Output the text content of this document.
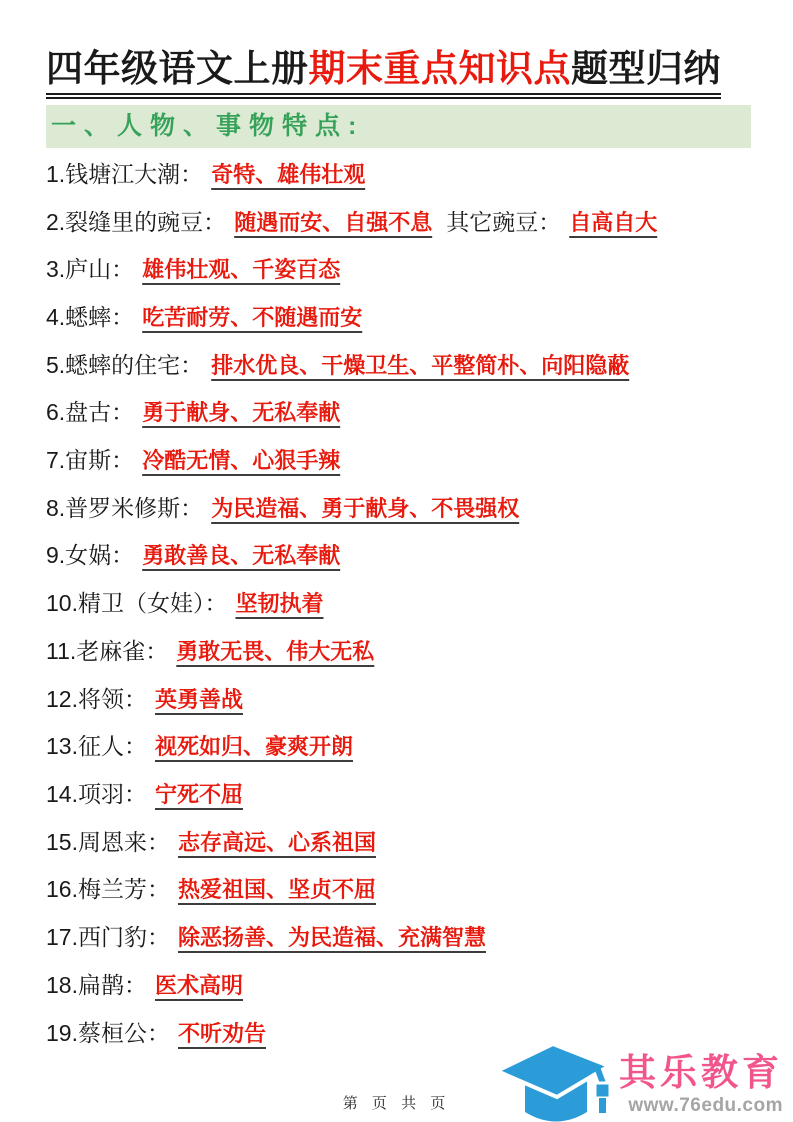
四年级语文上册期末重点知识点题型归纳
一、人物、事物特点:
1.钱塘江大潮： 奇特、雄伟壮观
2.裂缝里的豌豆： 随遇而安、自强不息 其它豌豆： 自高自大
3.庐山： 雄伟壮观、千姿百态
4.蟋蟀： 吃苦耐劳、不随遇而安
5.蟋蟀的住宅： 排水优良、干燥卫生、平整简朴、向阳隐蔽
6.盘古： 勇于献身、无私奉献
7.宙斯： 冷酷无情、心狠手辣
8.普罗米修斯： 为民造福、勇于献身、不畏强权
9.女娲： 勇敢善良、无私奉献
10.精卫（女娃）： 坚韧执着
11.老麻雀： 勇敢无畏、伟大无私
12.将领： 英勇善战
13.征人： 视死如归、豪爽开朗
14.项羽： 宁死不屈
15.周恩来： 志存高远、心系祖国
16.梅兰芳： 热爱祖国、坚贞不屈
17.西门豹： 除恶扬善、为民造福、充满智慧
18.扁鹊： 医术高明
19.蔡桓公： 不听劝告
第 页 共 页
其乐教育
www.76edu.com
